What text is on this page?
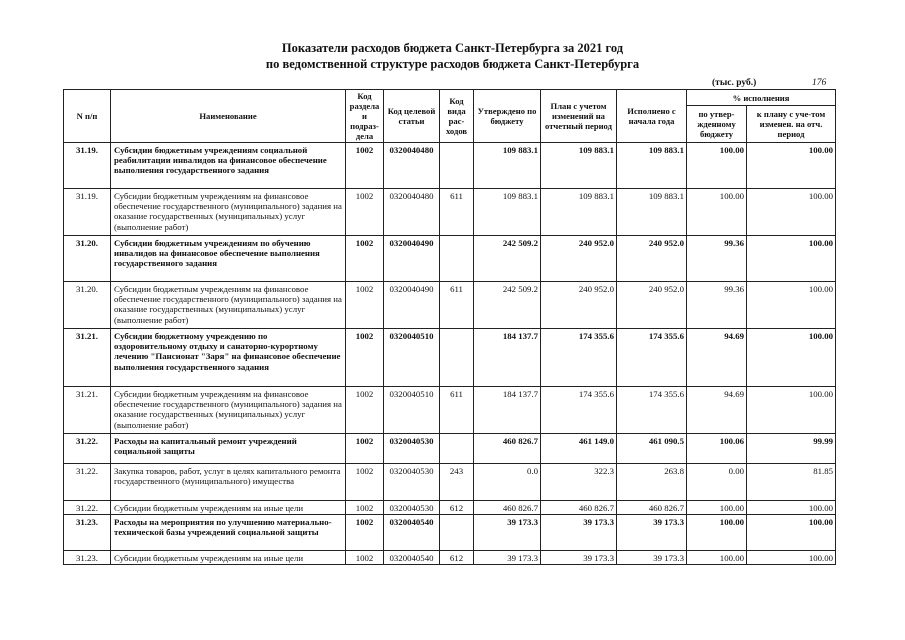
Показатели расходов бюджета Санкт-Петербурга за 2021 год
по ведомственной структуре расходов бюджета Санкт-Петербурга
(тыс. руб.)	176
N п/п	Наименование	Код раздела и подраз-дела	Код целевой статьи	Код вида рас-ходов	Утверждено по бюджету	План с учетом изменений на отчетный период	Исполнено с начала года	% исполнения	
								по утвер-жденному бюджету	к плану с уче-том изменен. на отч. период
31.19.	Субсидии бюджетным учреждениям социальной реабилитации инвалидов на финансовое обеспечение выполнения государственного задания	1002	0320040480		109 883.1	109 883.1	109 883.1	100.00	100.00
31.19.	Субсидии бюджетным учреждениям на финансовое обеспечение государственного (муниципального) задания на оказание государственных (муниципальных) услуг (выполнение работ)	1002	0320040480	611	109 883.1	109 883.1	109 883.1	100.00	100.00
31.20.	Субсидии бюджетным учреждениям по обучению инвалидов на финансовое обеспечение выполнения государственного задания	1002	0320040490		242 509.2	240 952.0	240 952.0	99.36	100.00
31.20.	Субсидии бюджетным учреждениям на финансовое обеспечение государственного (муниципального) задания на оказание государственных (муниципальных) услуг (выполнение работ)	1002	0320040490	611	242 509.2	240 952.0	240 952.0	99.36	100.00
31.21.	Субсидии бюджетному учреждению по оздоровительному отдыху и санаторно-курортному лечению "Пансионат "Заря" на финансовое обеспечение выполнения государственного задания	1002	0320040510		184 137.7	174 355.6	174 355.6	94.69	100.00
31.21.	Субсидии бюджетным учреждениям на финансовое обеспечение государственного (муниципального) задания на оказание государственных (муниципальных) услуг (выполнение работ)	1002	0320040510	611	184 137.7	174 355.6	174 355.6	94.69	100.00
31.22.	Расходы на капитальный ремонт учреждений социальной защиты	1002	0320040530		460 826.7	461 149.0	461 090.5	100.06	99.99
31.22.	Закупка товаров, работ, услуг в целях капитального ремонта государственного (муниципального) имущества	1002	0320040530	243	0.0	322.3	263.8	0.00	81.85
31.22.	Субсидии бюджетным учреждениям на иные цели	1002	0320040530	612	460 826.7	460 826.7	460 826.7	100.00	100.00
31.23.	Расходы на мероприятия по улучшению материально-технической базы учреждений социальной защиты	1002	0320040540		39 173.3	39 173.3	39 173.3	100.00	100.00
31.23.	Субсидии бюджетным учреждениям на иные цели	1002	0320040540	612	39 173.3	39 173.3	39 173.3	100.00	100.00
